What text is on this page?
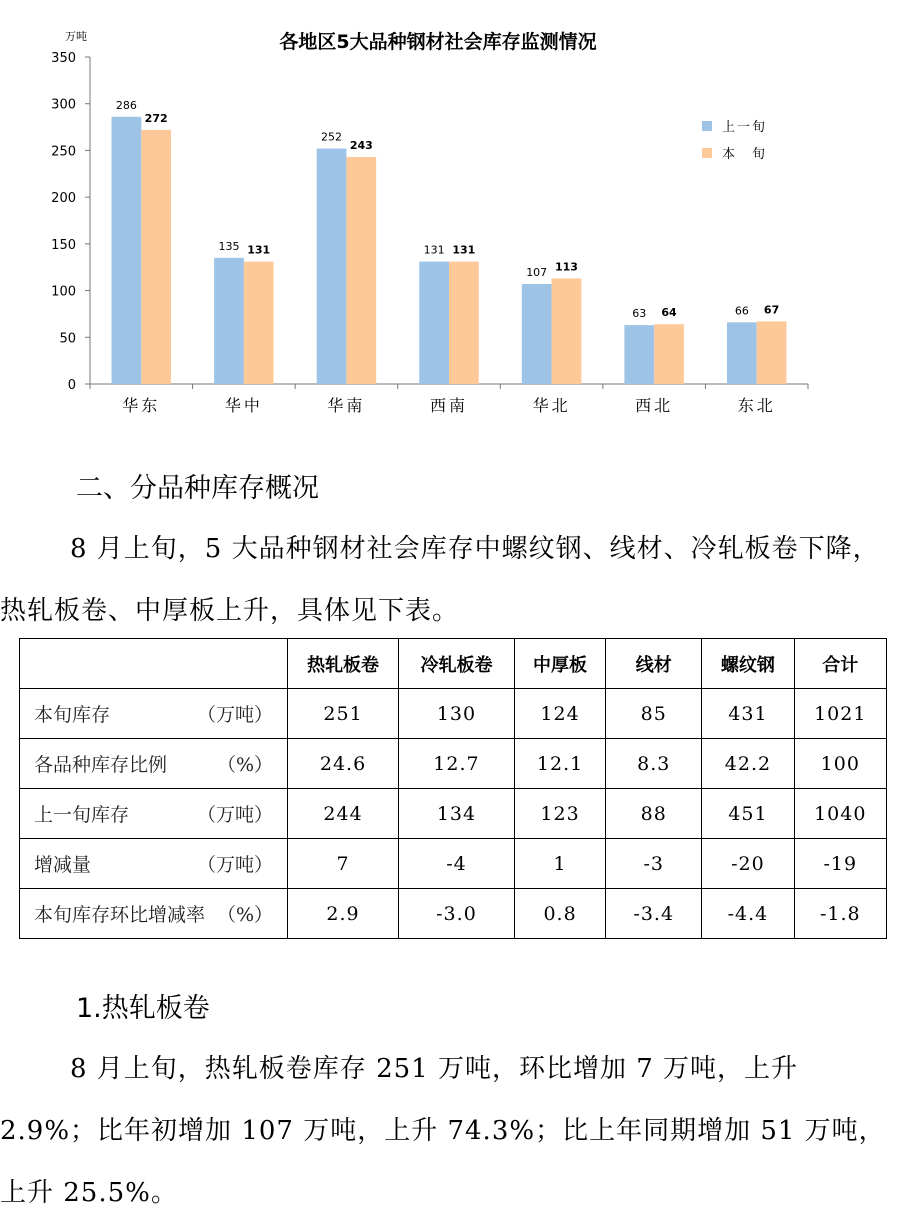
各地区5大品种钢材社会库存监测情况
万吨
0
50
100
150
200
250
300
350
华东	华中	华南	西南	华北	西北	东北
286
272
135 131
252
243
131 131
107 113
63 64	66 67
上一旬
本　旬
二、分品种库存概况

8 月上旬，5 大品种钢材社会库存中螺纹钢、线材、冷轧板卷下降，热轧板卷、中厚板上升，具体见下表。

	热轧板卷	冷轧板卷	中厚板	线材	螺纹钢	合计

本旬库存 （万吨）	251	130	124	85	431	1021

各品种库存比例 （%）	24.6	12.7	12.1	8.3	42.2	100

上一旬库存 （万吨）	244	134	123	88	451	1040

增减量 （万吨）	7	-4	1	-3	-20	-19

本旬库存环比增减率 （%）	2.9	-3.0	0.8	-3.4	-4.4	-1.8
1.热轧板卷

8 月上旬，热轧板卷库存 251 万吨，环比增加 7 万吨，上升 2.9%；比年初增加 107 万吨，上升 74.3%；比上年同期增加 51 万吨，上升 25.5%。
